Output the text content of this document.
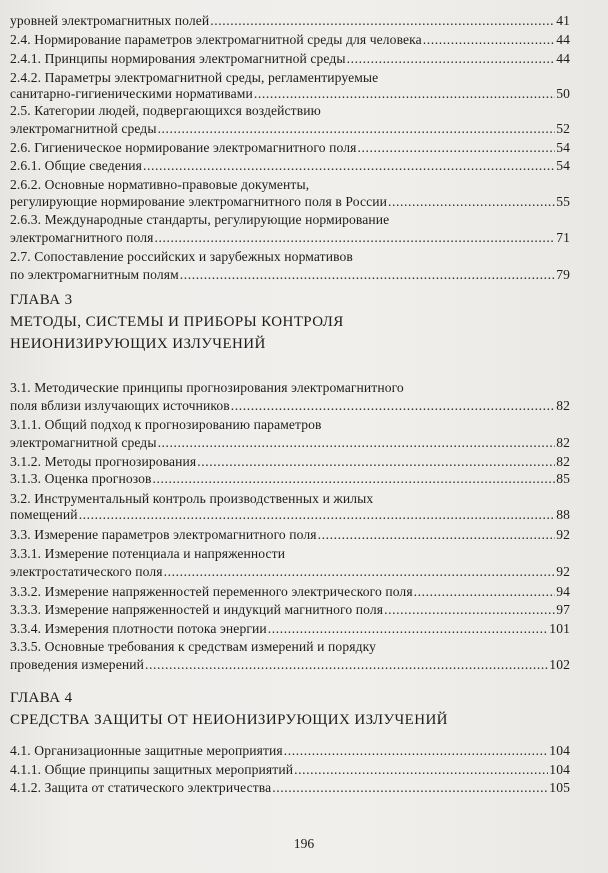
уровней электромагнитных полей .....	41
2.4. Нормирование параметров электромагнитной среды для человека .....	44
2.4.1. Принципы нормирования электромагнитной среды .....	44
2.4.2. Параметры электромагнитной среды, регламентируемые
санитарно-гигиеническими нормативами .....	50
2.5. Категории людей, подвергающихся воздействию
электромагнитной среды .....	52
2.6. Гигиеническое нормирование электромагнитного поля .....	54
2.6.1. Общие сведения .....	54
2.6.2. Основные нормативно-правовые документы,
регулирующие нормирование электромагнитного поля в России .....	55
2.6.3. Международные стандарты, регулирующие нормирование
электромагнитного поля .....	71
2.7. Сопоставление российских и зарубежных нормативов
по электромагнитным полям .....	79
3.1. Методические принципы прогнозирования электромагнитного
поля вблизи излучающих источников .....	82
3.1.1. Общий подход к прогнозированию параметров
электромагнитной среды .....	82
3.1.2. Методы прогнозирования .....	82
3.1.3. Оценка прогнозов .....	85
3.2. Инструментальный контроль производственных и жилых
помещений .....	88
3.3. Измерение параметров электромагнитного поля .....	92
3.3.1. Измерение потенциала и напряженности
электростатического поля .....	92
3.3.2. Измерение напряженностей переменного электрического поля .....	94
3.3.3. Измерение напряженностей и индукций магнитного поля .....	97
3.3.4. Измерения плотности потока энергии .....	101
3.3.5. Основные требования к средствам измерений и порядку
проведения измерений .....	102
4.1. Организационные защитные мероприятия .....	104
4.1.1. Общие принципы защитных мероприятий .....	104
4.1.2. Защита от статического электричества .....	105
ГЛАВА 3
МЕТОДЫ, СИСТЕМЫ И ПРИБОРЫ КОНТРОЛЯ
НЕИОНИЗИРУЮЩИХ ИЗЛУЧЕНИЙ
ГЛАВА 4
СРЕДСТВА ЗАЩИТЫ ОТ НЕИОНИЗИРУЮЩИХ ИЗЛУЧЕНИЙ
196
